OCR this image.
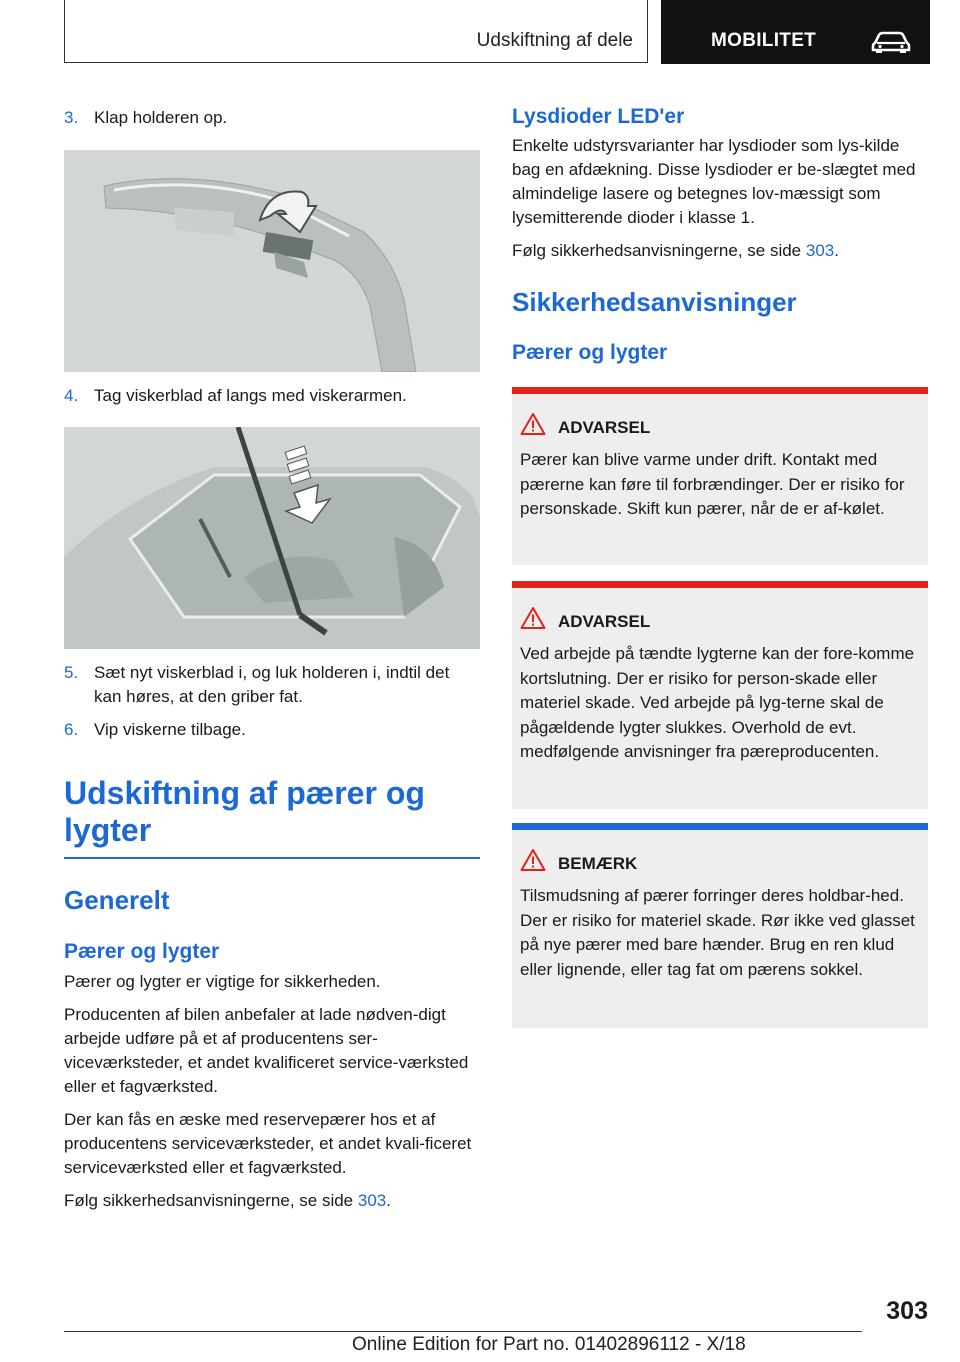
Udskiftning af dele	MOBILITET
3. Klap holderen op.
4. Tag viskerblad af langs med viskerarmen.
5. Sæt nyt viskerblad i, og luk holderen i, indtil det kan høres, at den griber fat.
6. Vip viskerne tilbage.
Udskiftning af pærer og lygter
Generelt
Pærer og lygter

Pærer og lygter er vigtige for sikkerheden.

Producenten af bilen anbefaler at lade nødven-digt arbejde udføre på et af producentens ser-viceværksteder, et andet kvalificeret service-værksted eller et fagværksted.

Der kan fås en æske med reservepærer hos et af producentens serviceværksteder, et andet kvali-ficeret serviceværksted eller et fagværksted.

Følg sikkerhedsanvisningerne, se side 303.

Lysdioder LED'er

Enkelte udstyrsvarianter har lysdioder som lys-kilde bag en afdækning. Disse lysdioder er be-slægtet med almindelige lasere og betegnes lov-mæssigt som lysemitterende dioder i klasse 1.

Følg sikkerhedsanvisningerne, se side 303.

Sikkerhedsanvisninger
Pærer og lygter
ADVARSEL

Pærer kan blive varme under drift. Kontakt med pærerne kan føre til forbrændinger. Der er risiko for personskade. Skift kun pærer, når de er af-kølet.

ADVARSEL

Ved arbejde på tændte lygterne kan der fore-komme kortslutning. Der er risiko for person-skade eller materiel skade. Ved arbejde på lyg-terne skal de pågældende lygter slukkes. Overhold de evt. medfølgende anvisninger fra pæreproducenten.

BEMÆRK

Tilsmudsning af pærer forringer deres holdbar-hed. Der er risiko for materiel skade. Rør ikke ved glasset på nye pærer med bare hænder. Brug en ren klud eller lignende, eller tag fat om pærens sokkel.

303
Online Edition for Part no. 01402896112 - X/18
